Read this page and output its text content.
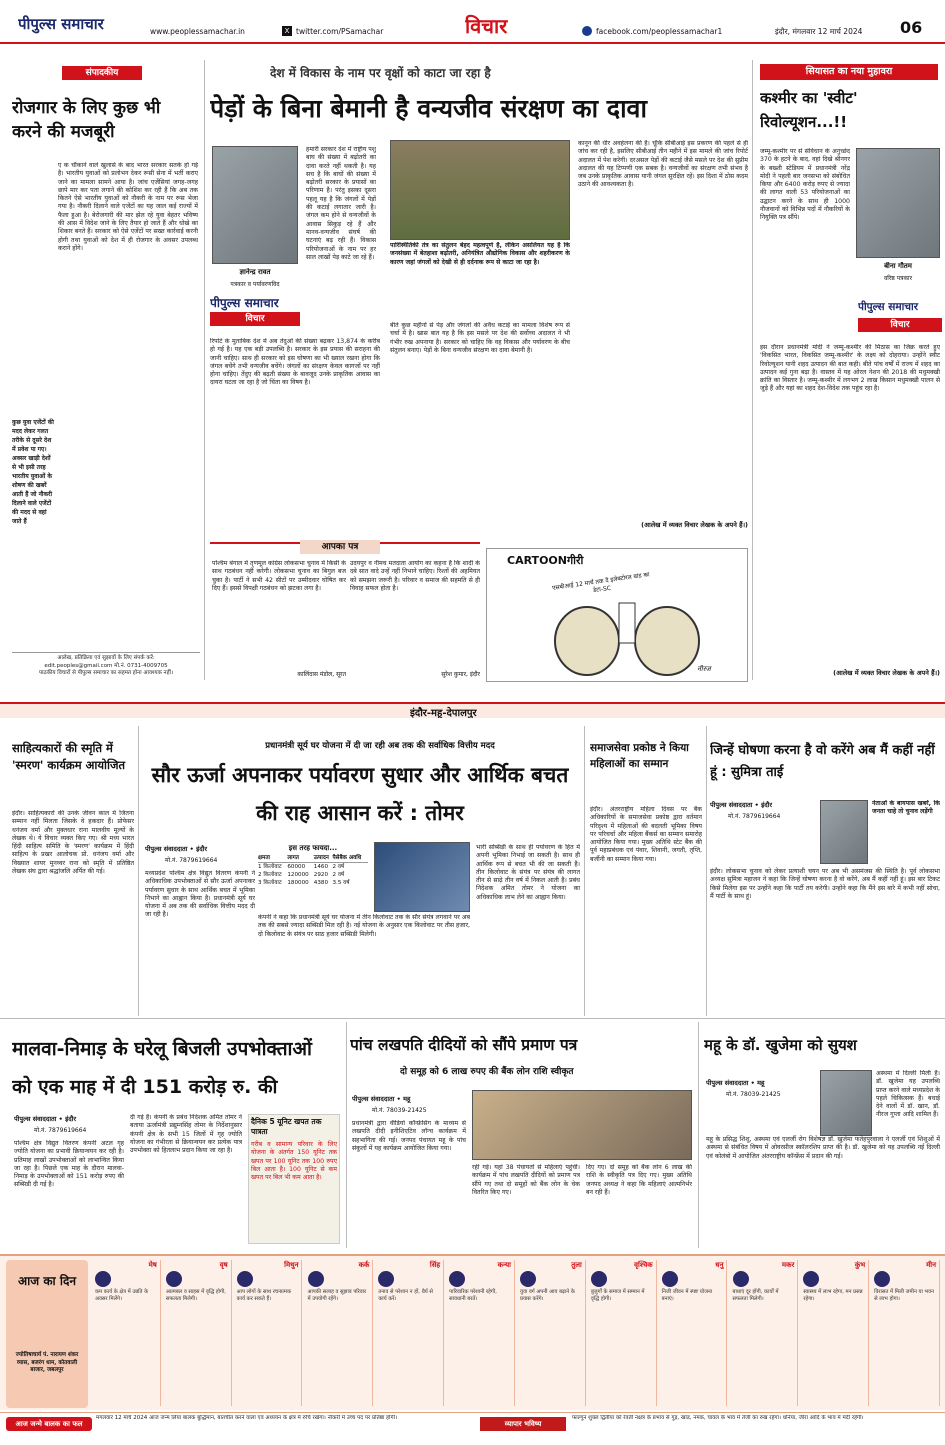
पीपुल्स समाचार	www.peoplessamachar.in	X twitter.com/PSamachar	विचार	facebook.com/peoplessamachar1	इंदौर, मंगलवार 12 मार्च 2024	06
संपादकीय
रोजगार के लिए कुछ भी करने की मजबूरी
ए क चौंकाने वाले खुलासे के बाद भारत सरकार सतर्क हो गई है। भारतीय युवाओं को प्रलोभन देकर रूसी सेना में भर्ती कराए जाने का मामला सामने आया है। जांच एजेंसियां जगह-जगह छापे मार कर पता लगाने की कोशिश कर रही हैं कि अब तक कितने ऐसे भारतीय युवाओं को नौकरी के नाम पर रूस भेजा गया है। नौकरी दिलाने वाले एजेंटों का यह जाल कई राज्यों में फैला हुआ है। बेरोजगारी की मार झेल रहे युवा बेहतर भविष्य की आस में विदेश जाने के लिए तैयार हो जाते हैं और धोखे का शिकार बनते हैं। सरकार को ऐसे एजेंटों पर सख्त कार्रवाई करनी होगी तथा युवाओं को देश में ही रोजगार के अवसर उपलब्ध कराने होंगे।
कुछ युवा एजेंटों की मदद लेकर गलत तरीके से दूसरे देश में प्रवेश पा गए। अक्सर खाड़ी देशों से भी इसी तरह भारतीय युवाओं के शोषण की खबरें आती हैं जो नौकरी दिलाने वाले एजेंटों की मदद से वहां जाते हैं
आलेख, प्रतिक्रिया एवं सुझावों के लिए संपर्क करें:
edit.peoples@gmail.com मो.नं. 0731-4009705
पाठकीय विचारों से पीपुल्स समाचार का सहमत होना आवश्यक नहीं।
देश में विकास के नाम पर वृक्षों को काटा जा रहा है
पेड़ों के बिना बेमानी है वन्यजीव संरक्षण का दावा
ज्ञानेन्द्र रावत
पत्रकार व पर्यावरणविद
पीपुल्स समाचार
विचार
हमारी सरकार देश में राष्ट्रीय पशु बाघ की संख्या में बढ़ोतरी का दावा करते नहीं थकती है। यह सच है कि बाघों की संख्या में बढ़ोतरी सरकार के प्रयासों का परिणाम है। परंतु इसका दूसरा पहलू यह है कि जंगलों में पेड़ों की कटाई लगातार जारी है। जंगल कम होने से वन्यजीवों के आवास सिकुड़ रहे हैं और मानव-वन्यजीव संघर्ष की घटनाएं बढ़ रही हैं। विकास परियोजनाओं के नाम पर हर साल लाखों पेड़ काटे जा रहे हैं।
रिपोर्ट के मुताबिक देश में अब तेंदुओं की संख्या बढ़कर 13,874 के करीब हो गई है। यह एक बड़ी उपलब्धि है। सरकार के इस प्रयास की सराहना की जानी चाहिए। साथ ही सरकार को इस घोषणा का भी ख्याल रखना होगा कि जंगल बचेंगे तभी वन्यजीव बचेंगे। जंगलों का संरक्षण केवल कागजों पर नहीं होना चाहिए। तेंदुए की बढ़ती संख्या के बावजूद उनके प्राकृतिक आवास का दायरा घटता जा रहा है जो चिंता का विषय है।
पारिस्थितिकी तंत्र का संतुलन बेहद महत्वपूर्ण है, लेकिन असलियत यह है कि जनसंख्या में बेतहाशा बढ़ोतरी, अनियंत्रित औद्योगिक विकास और शहरीकरण के कारण जहां जंगलों को देखी से ही दर्दनाक रूप से काटा जा रहा है।
बीते कुछ महीनों से पेड़ और जंगलों की अवैध कटाई का मामला विशेष रूप से चर्चा में है। खास बात यह है कि इस मसले पर देश की सर्वोच्च अदालत ने भी गंभीर रुख अपनाया है। सरकार को चाहिए कि वह विकास और पर्यावरण के बीच संतुलन बनाए। पेड़ों के बिना वन्यजीव संरक्षण का दावा बेमानी है।
कानून की धीर अवहेलना की है। चूंकि सीबीआई इस प्रकरण की पहले से ही जांच कर रही है, इसलिए सीबीआई तीन महीने में इस मामले की जांच रिपोर्ट अदालत में पेश करेगी। दरअसल पेड़ों की कटाई जैसे मसले पर देश की सुप्रीम अदालत की यह टिप्पणी एक सबक है। वन्यजीवों का संरक्षण तभी संभव है जब उनके प्राकृतिक आवास यानी जंगल सुरक्षित रहें। इस दिशा में ठोस कदम उठाने की आवश्यकता है।
(आलेख में व्यक्त विचार लेखक के अपने हैं।)
आपका पत्र
पश्चिम बंगाल में तृणमूल कांग्रेस लोकसभा चुनाव में किसी के साथ गठबंधन नहीं करेगी। लोकसभा चुनाव का बिगुल बज चुका है। पार्टी ने सभी 42 सीटों पर उम्मीदवार घोषित कर दिए हैं। इससे विपक्षी गठबंधन को झटका लगा है।
कालिंदास मंडोल, सूरत
उदयपुर व नीमच मतदाता आयोग का कहना है कि शादी के दबे सात वादे उन्हें नहीं निभाने चाहिए। रिश्तों की अहमियत को समझना जरूरी है। परिवार व समाज की सहमति से ही विवाह सफल होता है।
सुरेश कुमार, इंदौर
CARTOONगीरी
एसबीआई 12 मार्च तक दे इलेक्टोरल बांड का डेटा-SC
नीरज
सियासत का नया मुहावरा
कश्मीर का 'स्वीट' रिवोल्यूशन...!!
जम्मू-कश्मीर पर से संविधान के अनुच्छेद 370 के हटने के बाद, वहां दिखे श्रीनगर के बख्शी स्टेडियम में प्रधानमंत्री नरेंद्र मोदी ने पहली बार जनसभा को संबोधित किया और 6400 करोड़ रुपए से ज्यादा की लागत वाली 53 परियोजनाओं का उद्घाटन करने के साथ ही 1000 नौजवानों को विभिन्न पदों में नौकरियों के नियुक्ति पत्र सौंपे।
बीना गौतम
वरिष्ठ पत्रकार
पीपुल्स समाचार
विचार
इस दौरान प्रधानमंत्री मोदी ने जम्मू-कश्मीर की मिठास का जिक्र करते हुए 'विकसित भारत, विकसित जम्मू-कश्मीर' के लक्ष्य को दोहराया। उन्होंने स्वीट रिवोल्यूशन यानी शहद उत्पादन की बात कही। बीते पांच वर्षों में राज्य में शहद का उत्पादन कई गुना बढ़ा है। वास्तव में यह ओरल नेशन की 2018 की मधुमक्खी क्रांति का विस्तार है। जम्मू-कश्मीर में लगभग 2 लाख किसान मधुमक्खी पालन से जुड़े हैं और यहां का शहद देश-विदेश तक पहुंच रहा है।
(आलेख में व्यक्त विचार लेखक के अपने हैं।)
इंदौर-महू-देपालपुर
साहित्यकारों की स्मृति में 'स्मरण' कार्यक्रम आयोजित
इंदौर। साहित्यकारों की उनके जीवन काल में जितना सम्मान नहीं मिलता जिसके वे हकदार हैं। प्रोफेसर धनंजय वर्मा और मुक्तधार राना मालवीय मूल्यों के लेखक थे। ये विचार व्यक्त किए गए। श्री मध्य भारत हिंदी साहित्य समिति के 'स्मरण' कार्यक्रम में हिंदी साहित्य के प्रखर आलोचक प्रो. धनंजय वर्मा और विख्यात शायर मुनव्वर राना को स्मृति में प्रतिष्ठित लेखक संघ द्वारा श्रद्धांजलि अर्पित की गई।
प्रधानमंत्री सूर्य घर योजना में दी जा रही अब तक की सर्वाधिक वित्तीय मदद
सौर ऊर्जा अपनाकर पर्यावरण सुधार और आर्थिक बचत की राह आसान करें : तोमर
पीपुल्स संवाददाता • इंदौर
मो.नं. 7879619664
मध्यप्रदेश पश्चिम क्षेत्र विद्युत वितरण कंपनी ने अधिकाधिक उपभोक्ताओं से सौर ऊर्जा अपनाकर पर्यावरण सुधार के साथ आर्थिक बचत में भूमिका निभाने का आह्वान किया है। प्रधानमंत्री सूर्य घर योजना में अब तक की सर्वाधिक वित्तीय मदद दी जा रही है।
इस तरह फायदा...
क्षमता	लागत	उत्पादन	पैसेबैक अवधि
1 किलोवाट	60000	1460	2 वर्ष
2 किलोवाट	120000	2920	2 वर्ष
3 किलोवाट	180000	4380	3.5 वर्ष
कंपनी ने कहा कि प्रधानमंत्री सूर्य घर योजना में तीन किलोवाट तक के सौर संयंत्र लगवाने पर अब तक की सबसे ज्यादा सब्सिडी मिल रही है। नई योजना के अनुसार एक किलोवाट पर तीस हजार, दो किलोवाट के संयंत्र पर साठ हजार सब्सिडी मिलेगी।
भारी सब्सिडी के साथ ही पर्यावरण के हित में अपनी भूमिका निभाई जा सकती है। साथ ही आर्थिक रूप से बचत भी की जा सकती है। तीन किलोवाट के संयंत्र पर संयंत्र की लागत तीन से साढ़े तीन वर्ष में निकल आती है। प्रबंध निदेशक अमित तोमर ने योजना का अधिकाधिक लाभ लेने का आह्वान किया।
समाजसेवा प्रकोष्ठ ने किया महिलाओं का सम्मान
इंदौर। अंतरराष्ट्रीय महिला दिवस पर बैंक अधिकारियों के समाजसेवा प्रकोष्ठ द्वारा वर्तमान परिदृश्य में महिलाओं की बदलती भूमिका विषय पर परिचर्चा और महिला बैंकर्स का सम्मान समारोह आयोजित किया गया। मुख्य अतिथि स्टेट बैंक की पूर्व महाप्रबंधक एवं पंवार, शिवानी, जगती, तृप्ति, बर्जीनी का सम्मान किया गया।
जिन्हें घोषणा करना है वो करेंगे अब मैं कहीं नहीं हूं : सुमित्रा ताई
पीपुल्स संवाददाता • इंदौर
मो.नं. 7879619664
नेताओं के बायपास खबरें, कि जनता चाहे तो चुनाव लड़ेंगी
इंदौर। लोकसभा चुनाव को लेकर प्रत्याशी चयन पर अब भी असमंजस की स्थिति है। पूर्व लोकसभा अध्यक्ष सुमित्रा महाजन ने कहा कि जिन्हें घोषणा करना है वो करेंगे, अब मैं कहीं नहीं हूं। इस बार टिकट किसे मिलेगा इस पर उन्होंने कहा कि पार्टी तय करेगी। उन्होंने कहा कि मैंने इस बारे में कभी नहीं सोचा, मैं पार्टी के साथ हूं।
मालवा-निमाड़ के घरेलू बिजली उपभोक्ताओं को एक माह में दी 151 करोड़ रु. की
पीपुल्स संवाददाता • इंदौर
मो.नं. 7879619664
पश्चिम क्षेत्र विद्युत वितरण कंपनी अटल गृह ज्योति योजना का प्रभावी क्रियान्वयन कर रही है। प्रतिमाह लाखों उपभोक्ताओं को लाभान्वित किया जा रहा है। पिछले एक माह के दौरान मालवा-निमाड़ के उपभोक्ताओं को 151 करोड़ रुपए की सब्सिडी दी गई है।
दी गई है। कंपनी के प्रबंध निदेशक अमित तोमर ने बताया ऊर्जामंत्री प्रद्युम्नसिंह तोमर के निर्देशानुसार कंपनी क्षेत्र के सभी 15 जिलों में गृह ज्योति योजना का गंभीरता से क्रियान्वयन कर प्रत्येक पात्र उपभोक्ता को हितलाभ प्रदान किया जा रहा है।
दैनिक 5 यूनिट खपत तक पात्रता
गरीब व सामान्य परिवार के लिए योजना के अंतर्गत 150 यूनिट तक खपत पर 100 यूनिट तक 100 रुपए बिल आता है। 100 यूनिट से कम खपत पर बिल भी कम आता है।
पांच लखपति दीदियों को सौंपे प्रमाण पत्र
दो समूह को 6 लाख रुपए की बैंक लोन राशि स्वीकृत
पीपुल्स संवाददाता • महू
मो.नं. 78039-21425
प्रधानमंत्री द्वारा वीडियो कॉन्फ्रेंसिंग के माध्यम से लखपति दीदी इनीशिएटिव लॉन्च कार्यक्रम में सहभागिता की गई। जनपद पंचायत महू के पांच संकुलों में यह कार्यक्रम आयोजित किया गया।
रही गई। यहां 38 पंचायतों से महिलाएं पहुंचीं। कार्यक्रम में पांच लखपति दीदियों को प्रमाण पत्र सौंपे गए तथा दो समूहों को बैंक लोन के चेक वितरित किए गए।
दिए गए। दो समूह को बैंक लोन 6 लाख की राशि के स्वीकृति पत्र दिए गए। मुख्य अतिथि जनपद अध्यक्ष ने कहा कि महिलाएं आत्मनिर्भर बन रही हैं।
महू के डॉ. खुजेमा को सुयश
पीपुल्स संवाददाता • महू
मो.नं. 78039-21425
अस्थमा में दिल्ली मिली है। डॉ. खुजेमा यह उपलब्धि प्राप्त करने वाले मध्यप्रदेश के पहले चिकित्सक हैं। बधाई देने वालों में डॉ. खान, डॉ. नीरज गुप्ता आदि शामिल हैं।
महू के प्रसिद्ध शिशु, अस्थमा एवं एलर्जी रोग विशेषज्ञ डॉ. खुजेमा फतेहपुरवाला ने एलर्जी एवं शिशुओं में अस्थमा से संबंधित विषय में ओवरसीज स्कॉलरशिप प्राप्त की है। डॉ. खुजेमा को यह उपलब्धि नई दिल्ली एवं कोलंबो में आयोजित अंतरराष्ट्रीय कॉन्फ्रेंस में प्रदान की गई।
आज का दिन
ज्योतिषाचार्य पं. नारायण शंकर व्यास, बजरंग धाम, कोतवाली बाजार, जबलपुर
मेष
कम कार्य के क्षेत्र में उन्नति के अवसर मिलेंगे।
वृष
आत्मबल व साहस में वृद्धि होगी, सफलता मिलेगी।
मिथुन
आप लोगों के साथ रचनात्मक कार्य कर सकते हैं।
कर्क
आपकी सलाह व सुझाव परिवार में उपयोगी रहेंगे।
सिंह
तनाव से परेशान न हों, धैर्य से कार्य करें।
कन्या
पारिवारिक परेशानी रहेगी, सावधानी बरतें।
तुला
युवा वर्ग अपनी आय बढ़ाने के प्रयास करेंगे।
वृश्चिक
बुजुर्गों के समाज में सम्मान में वृद्धि होगी।
धनु
निजी जीवन में स्पष्ट योजना बनाएं।
मकर
बाधाएं दूर होंगी, कार्यों में सफलता मिलेगी।
कुंभ
स्वास्थ्य में लाभ रहेगा, मन प्रसन्न रहेगा।
मीन
विरासत में मिली जमीन या भवन से लाभ होगा।
आज जन्मे बालक का फल
मंगलवार 12 मार्च 2024 आज जन्म लिया बालक बुद्धिमान, बातचीत करने वाला एवं अध्ययन के क्षेत्र में रुचि रखेगा। नौकरी में उच्च पद पर प्रतिष्ठा होगी।
व्यापार भविष्य
फाल्गुन शुक्ल द्वितीया को रेवती नक्षत्र के प्रभाव से गुड़, खांड, नमक, चावल के भाव में तेजी का रुख रहेगा। धनिया, जीरा आदि के भाव में मंदी रहेगी।
